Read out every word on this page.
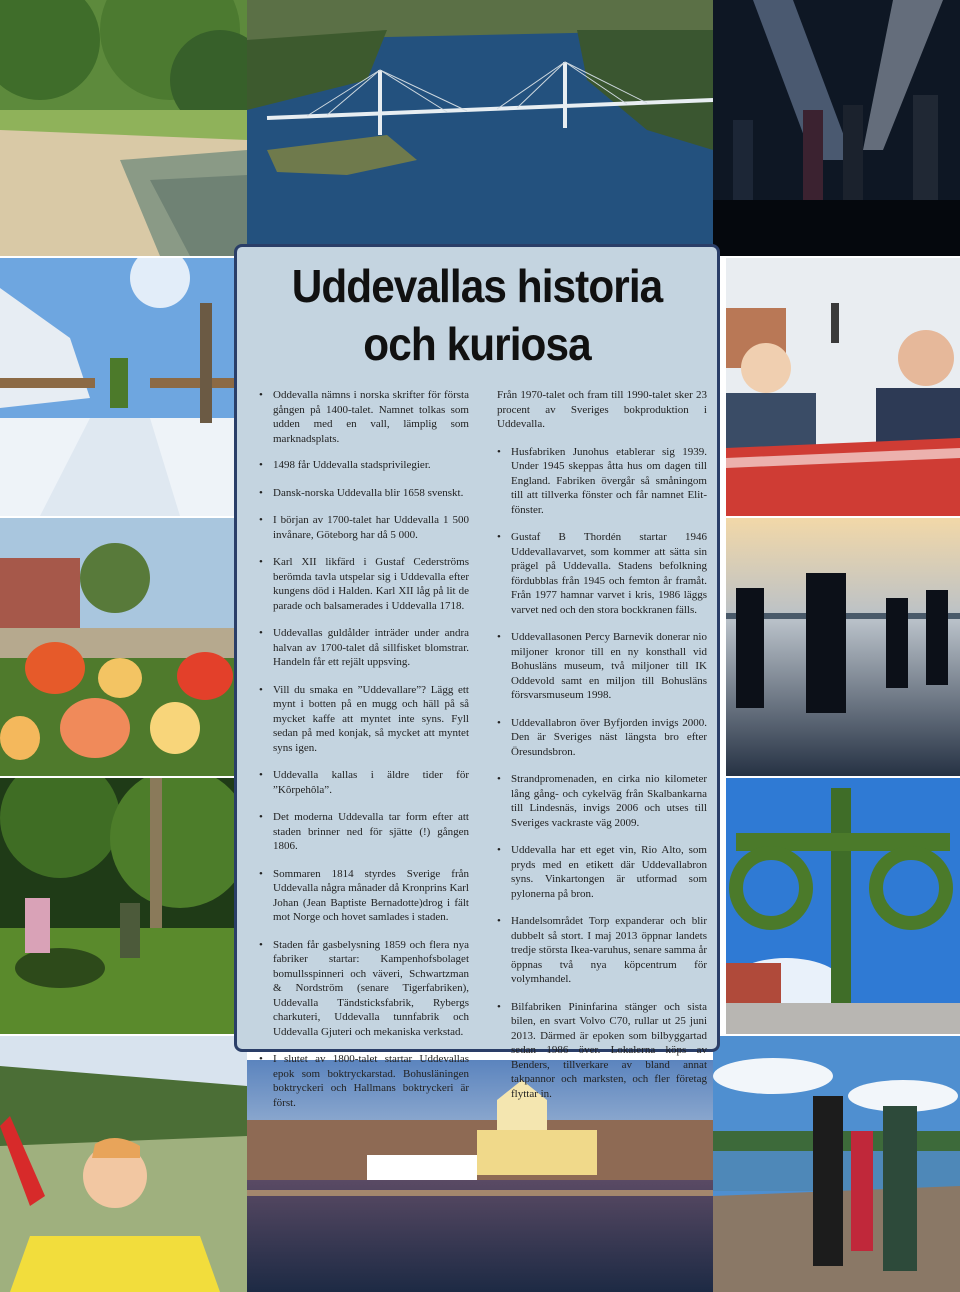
Uddevallas historia
och kuriosa
• Oddevalla nämns i norska skrifter för första gången på 1400-talet. Namnet tolkas som udden med en vall, lämplig som marknadsplats.
• 1498 får Uddevalla stadsprivilegier.
• Dansk-norska Uddevalla blir 1658 svenskt.
• I början av 1700-talet har Uddevalla 1 500 invånare, Göteborg har då 5 000.
• Karl XII likfärd i Gustaf Cederströms berömda tavla utspelar sig i Uddevalla efter kungens död i Halden. Karl XII låg på lit de parade och balsamerades i Uddevalla 1718.
• Uddevallas guldålder inträder under andra halvan av 1700-talet då sillfisket blomstrar. Handeln får ett rejält uppsving.
• Vill du smaka en ”Uddevallare”? Lägg ett mynt i botten på en mugg och häll på så mycket kaffe att myntet inte syns. Fyll sedan på med konjak, så mycket att myntet syns igen.
• Uddevalla kallas i äldre tider för ”Kôrpehôla”.
• Det moderna Uddevalla tar form efter att staden brinner ned för sjätte (!) gången 1806.
• Sommaren 1814 styrdes Sverige från Uddevalla några månader då Kronprins Karl Johan (Jean Baptiste Bernadotte)drog i fält mot Norge och hovet samlades i staden.
• Staden får gasbelysning 1859 och flera nya fabriker startar: Kampenhofsbolaget bomullsspinneri och väveri, Schwartzman & Nordström (senare Tigerfabriken), Uddevalla Tändsticksfabrik, Rybergs charkuteri, Uddevalla tunnfabrik och Uddevalla Gjuteri och mekaniska verkstad.
• I slutet av 1800-talet startar Uddevallas epok som boktryckarstad. Bohusläningen boktryckeri och Hallmans boktryckeri är först.

Från 1970-talet och fram till 1990-talet sker 23 procent av Sveriges bokproduktion i Uddevalla.

• Husfabriken Junohus etablerar sig 1939. Under 1945 skeppas åtta hus om dagen till England. Fabriken övergår så småningom till att tillverka fönster och får namnet Elit-fönster.
• Gustaf B Thordén startar 1946 Uddevallavarvet, som kommer att sätta sin prägel på Uddevalla. Stadens befolkning fördubblas från 1945 och femton år framåt. Från 1977 hamnar varvet i kris, 1986 läggs varvet ned och den stora bockkranen fälls.
• Uddevallasonen Percy Barnevik donerar nio miljoner kronor till en ny konsthall vid Bohusläns museum, två miljoner till IK Oddevold samt en miljon till Bohusläns försvarsmuseum 1998.
• Uddevallabron över Byfjorden invigs 2000. Den är Sveriges näst längsta bro efter Öresundsbron.
• Strandpromenaden, en cirka nio kilometer lång gång- och cykelväg från Skalbankarna till Lindesnäs, invigs 2006 och utses till Sveriges vackraste väg 2009.
• Uddevalla har ett eget vin, Rio Alto, som pryds med en etikett där Uddevallabron syns. Vinkartongen är utformad som pylonerna på bron.
• Handelsområdet Torp expanderar och blir dubbelt så stort. I maj 2013 öppnar landets tredje största Ikea-varuhus, senare samma år öppnas två nya köpcentrum för volymhandel.
• Bilfabriken Pininfarina stänger och sista bilen, en svart Volvo C70, rullar ut 25 juni 2013. Därmed är epoken som bilbyggartad sedan 1986 över. Lokalerna köps av Benders, tillverkare av bland annat takpannor och marksten, och fler företag flyttar in.
